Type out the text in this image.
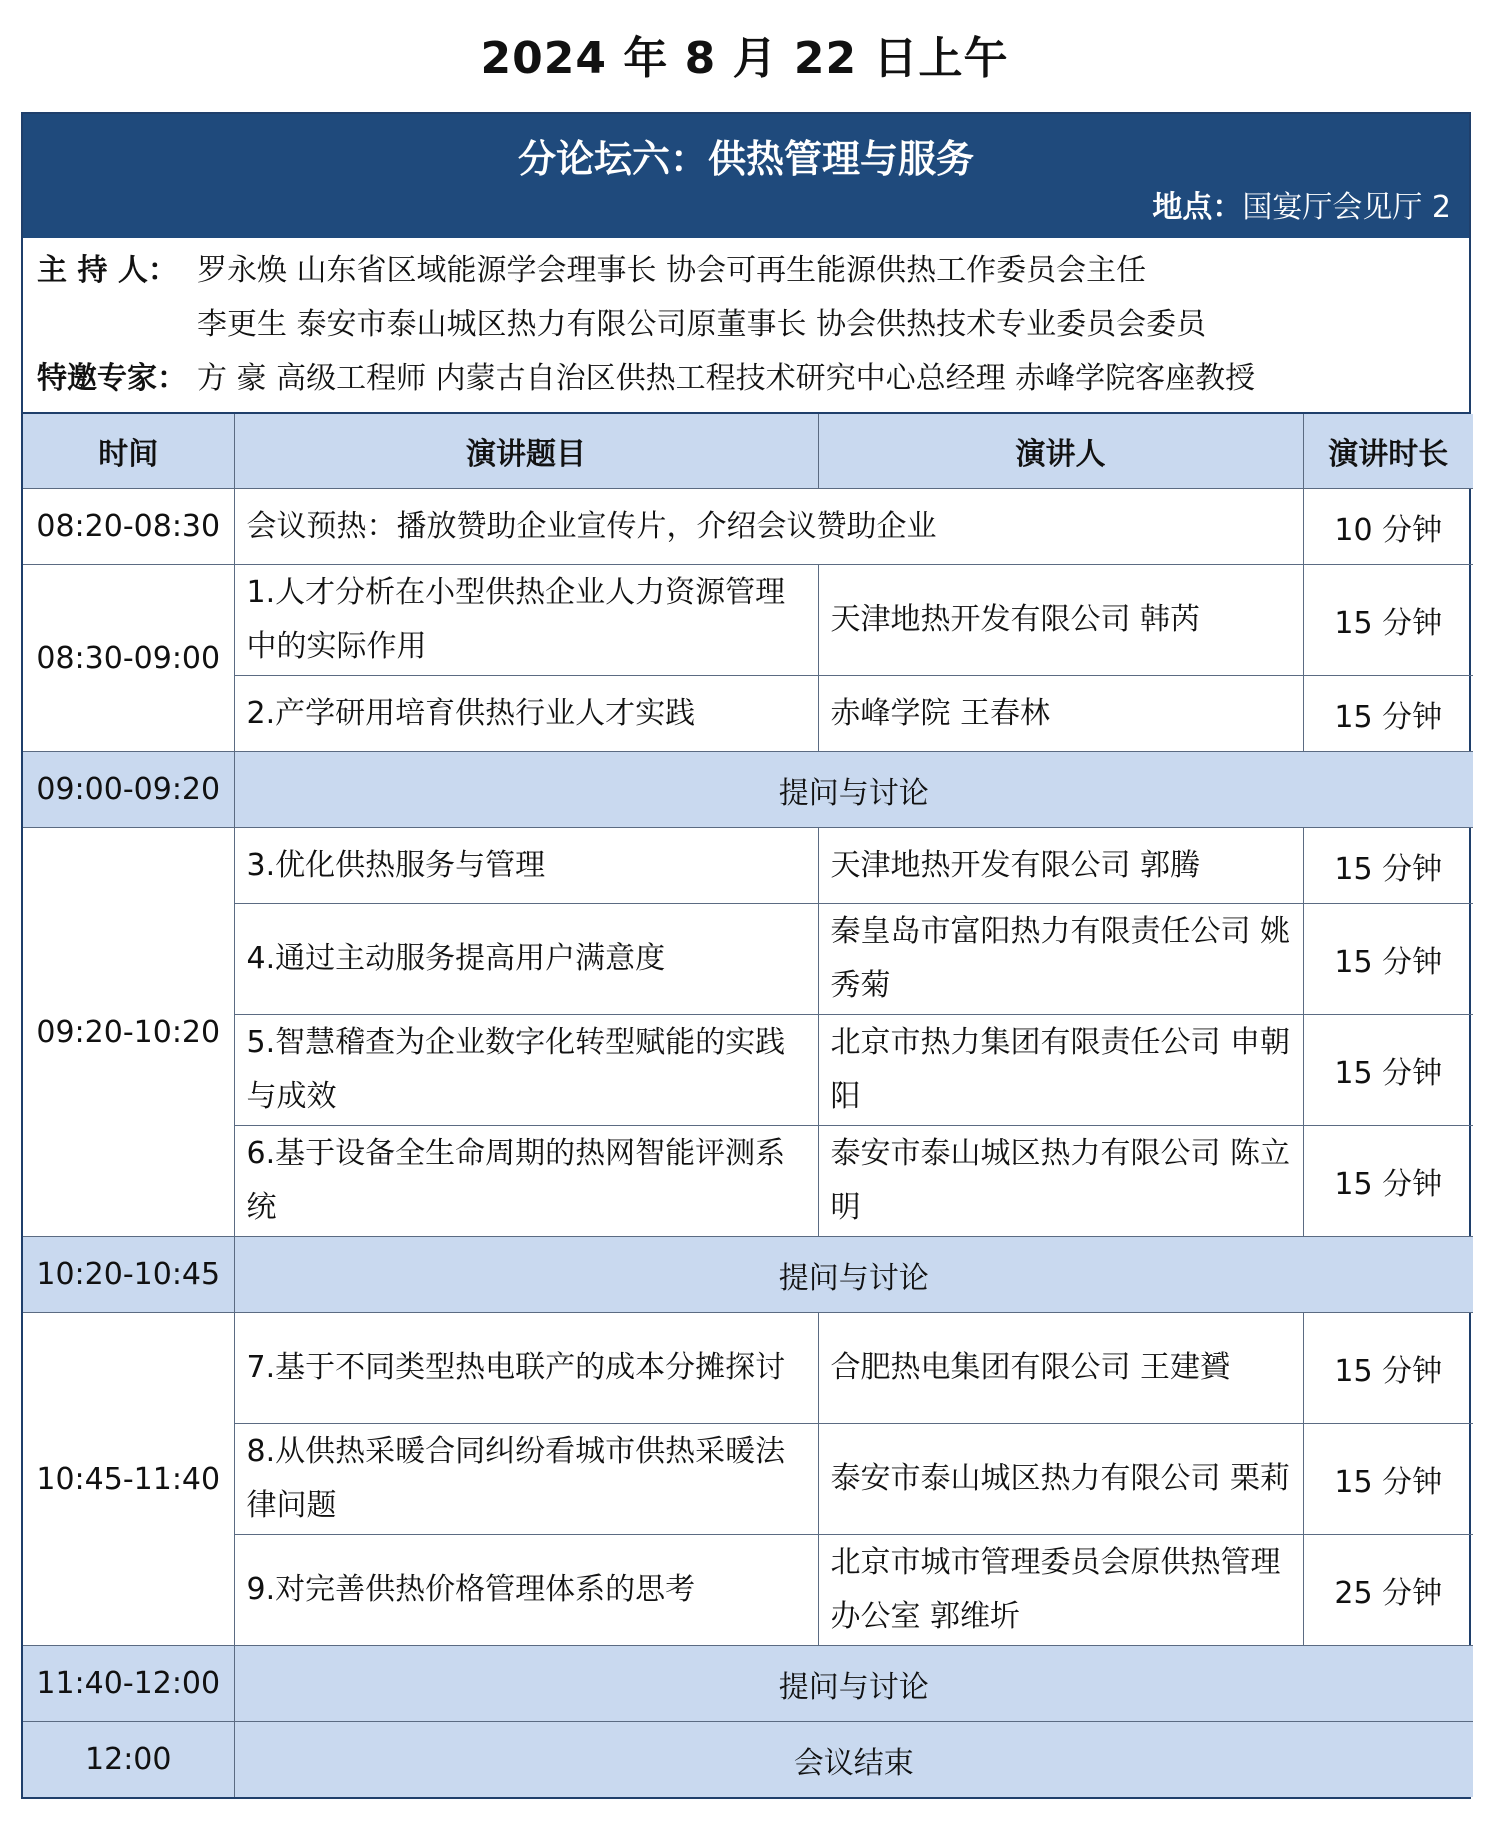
2024 年 8 月 22 日上午
分论坛六：供热管理与服务
地点：国宴厅会见厅 2
主 持 人： 罗永焕 山东省区域能源学会理事长 协会可再生能源供热工作委员会主任
李更生 泰安市泰山城区热力有限公司原董事长 协会供热技术专业委员会委员
特邀专家： 方 豪 高级工程师 内蒙古自治区供热工程技术研究中心总经理 赤峰学院客座教授
时间	演讲题目	演讲人	演讲时长
08:20-08:30	会议预热：播放赞助企业宣传片，介绍会议赞助企业		10 分钟
08:30-09:00	1.人才分析在小型供热企业人力资源管理中的实际作用	天津地热开发有限公司 韩芮	15 分钟
	2.产学研用培育供热行业人才实践	赤峰学院 王春林	15 分钟
09:00-09:20	提问与讨论		
09:20-10:20	3.优化供热服务与管理	天津地热开发有限公司 郭腾	15 分钟
	4.通过主动服务提高用户满意度	秦皇岛市富阳热力有限责任公司 姚秀菊	15 分钟
	5.智慧稽查为企业数字化转型赋能的实践与成效	北京市热力集团有限责任公司 申朝阳	15 分钟
	6.基于设备全生命周期的热网智能评测系统	泰安市泰山城区热力有限公司 陈立明	15 分钟
10:20-10:45	提问与讨论		
10:45-11:40	7.基于不同类型热电联产的成本分摊探讨	合肥热电集团有限公司 王建贇	15 分钟
	8.从供热采暖合同纠纷看城市供热采暖法律问题	泰安市泰山城区热力有限公司 栗莉	15 分钟
	9.对完善供热价格管理体系的思考	北京市城市管理委员会原供热管理办公室 郭维圻	25 分钟
11:40-12:00	提问与讨论		
12:00	会议结束		
